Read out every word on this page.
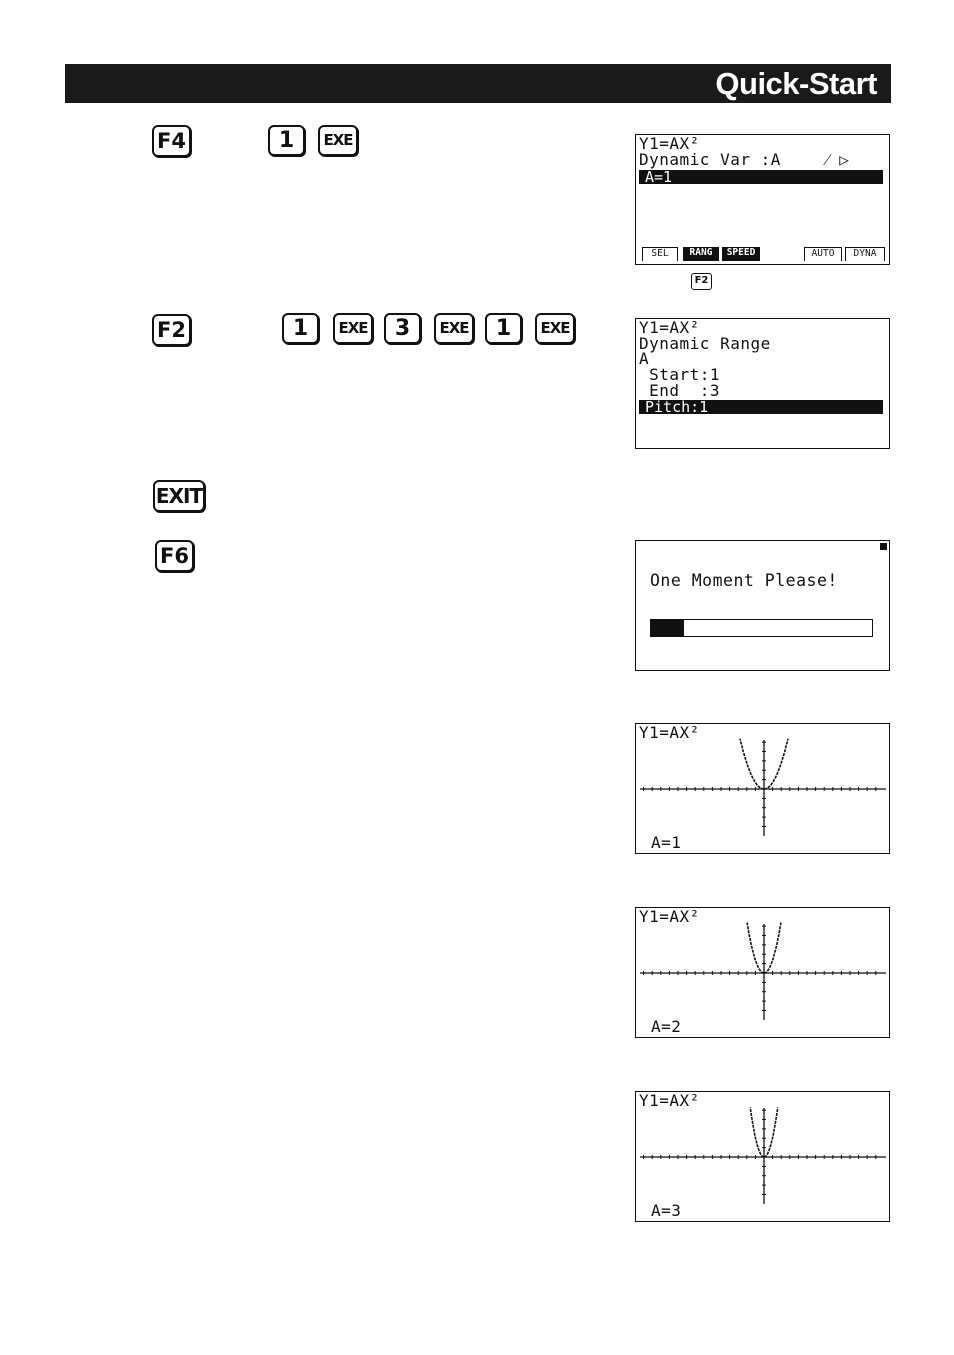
Quick-Start
F4	1	EXE
F2	1	EXE	3	EXE	1	EXE
EXIT
F6
Y1=AX²
Dynamic Var :A	⁄ ▷
A=1
SEL	RANG	SPEED	AUTO	DYNA
F2
Y1=AX²
Dynamic Range
A
Start:1
End  :3
Pitch:1
One Moment Please!
Y1=AX²
A=1
Y1=AX²
A=2
Y1=AX²
A=3
